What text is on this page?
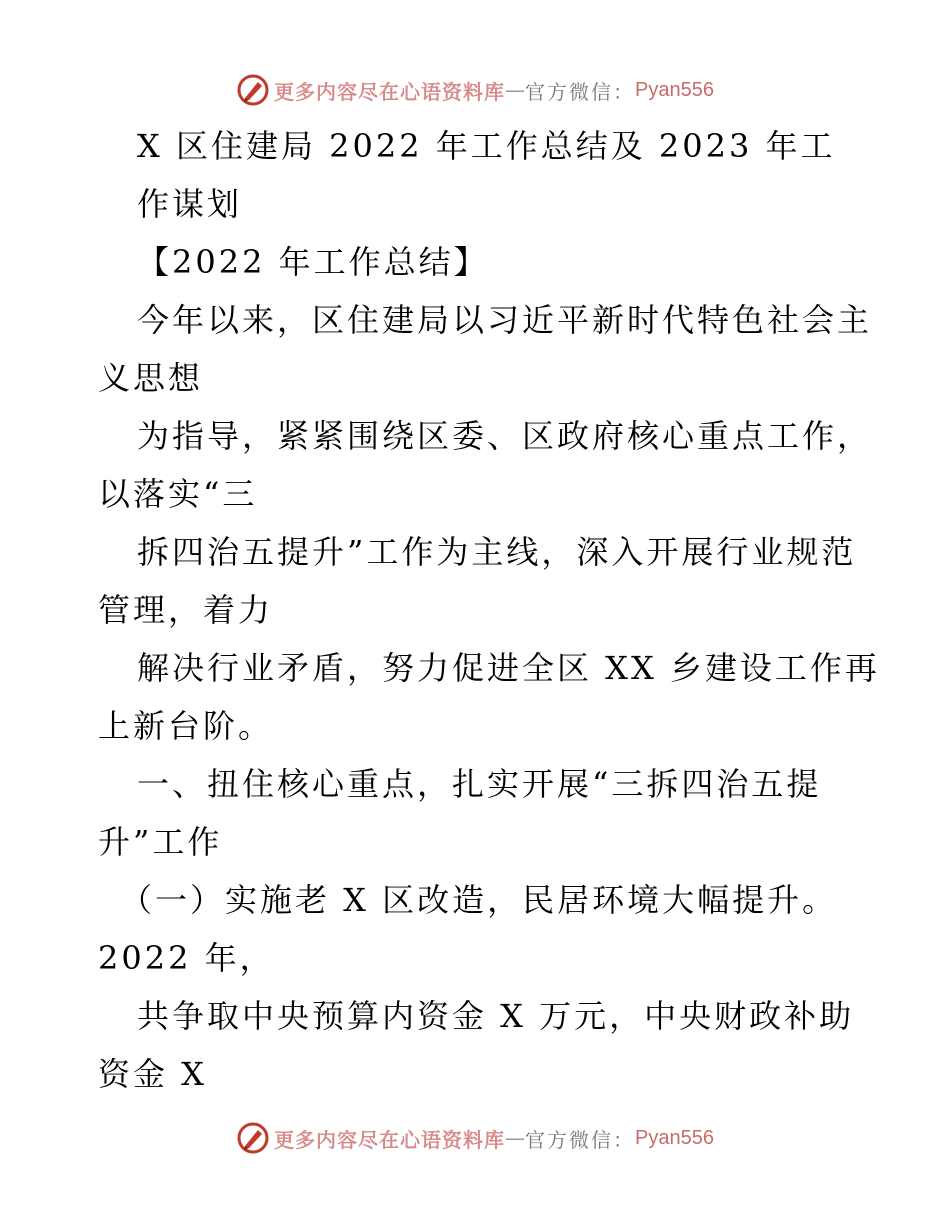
更多内容尽在心语资料库 — 官方微信： Pyan556
X 区住建局 2022 年工作总结及 2023 年工
作谋划
【2022 年工作总结】
今年以来，区住建局以习近平新时代特色社会主
义思想
为指导，紧紧围绕区委、区政府核心重点工作，
以落实“三
拆四治五提升”工作为主线，深入开展行业规范
管理，着力
解决行业矛盾，努力促进全区 XX 乡建设工作再
上新台阶。
一、扭住核心重点，扎实开展“三拆四治五提
升”工作
（一）实施老 X 区改造，民居环境大幅提升。
2022 年，
共争取中央预算内资金 X 万元，中央财政补助
资金 X
更多内容尽在心语资料库 — 官方微信： Pyan556
